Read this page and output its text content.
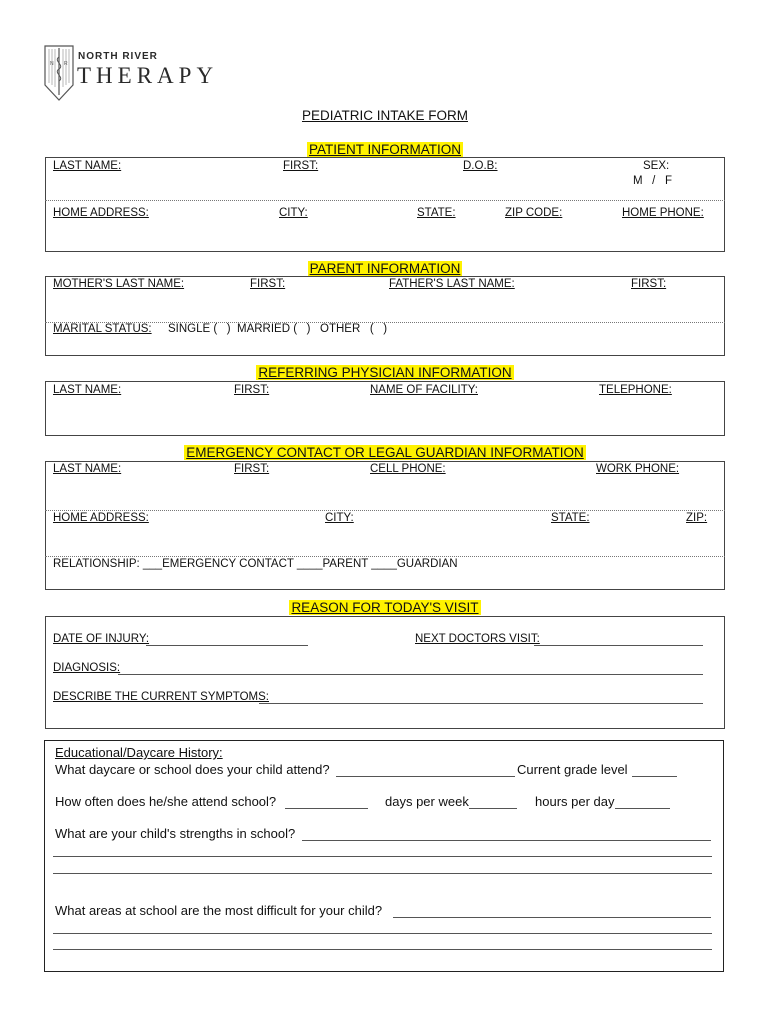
N R
NORTH RIVER
THERAPY
PEDIATRIC INTAKE FORM
PATIENT INFORMATION
LAST NAME:	FIRST:	D.O.B:	SEX:
M   /   F
HOME ADDRESS:	CITY:	STATE:	ZIP CODE:	HOME PHONE:
PARENT INFORMATION
MOTHER'S LAST NAME:	FIRST:	FATHER'S LAST NAME:	FIRST:
MARITAL STATUS: SINGLE (   ) MARRIED (   ) OTHER   (   )
REFERRING PHYSICIAN INFORMATION
LAST NAME:	FIRST:	NAME OF FACILITY:	TELEPHONE:
EMERGENCY CONTACT OR LEGAL GUARDIAN INFORMATION
LAST NAME:	FIRST:	CELL PHONE:	WORK PHONE:
HOME ADDRESS:	CITY:	STATE:	ZIP:
RELATIONSHIP: ___EMERGENCY CONTACT ____PARENT ____GUARDIAN
REASON FOR TODAY'S VISIT
DATE OF INJURY:	NEXT DOCTORS VISIT:
DIAGNOSIS:
DESCRIBE THE CURRENT SYMPTOMS:
Educational/Daycare History:
What daycare or school does your child attend?	Current grade level
How often does he/she attend school?	days per week	hours per day
What are your child's strengths in school?
What areas at school are the most difficult for your child?
